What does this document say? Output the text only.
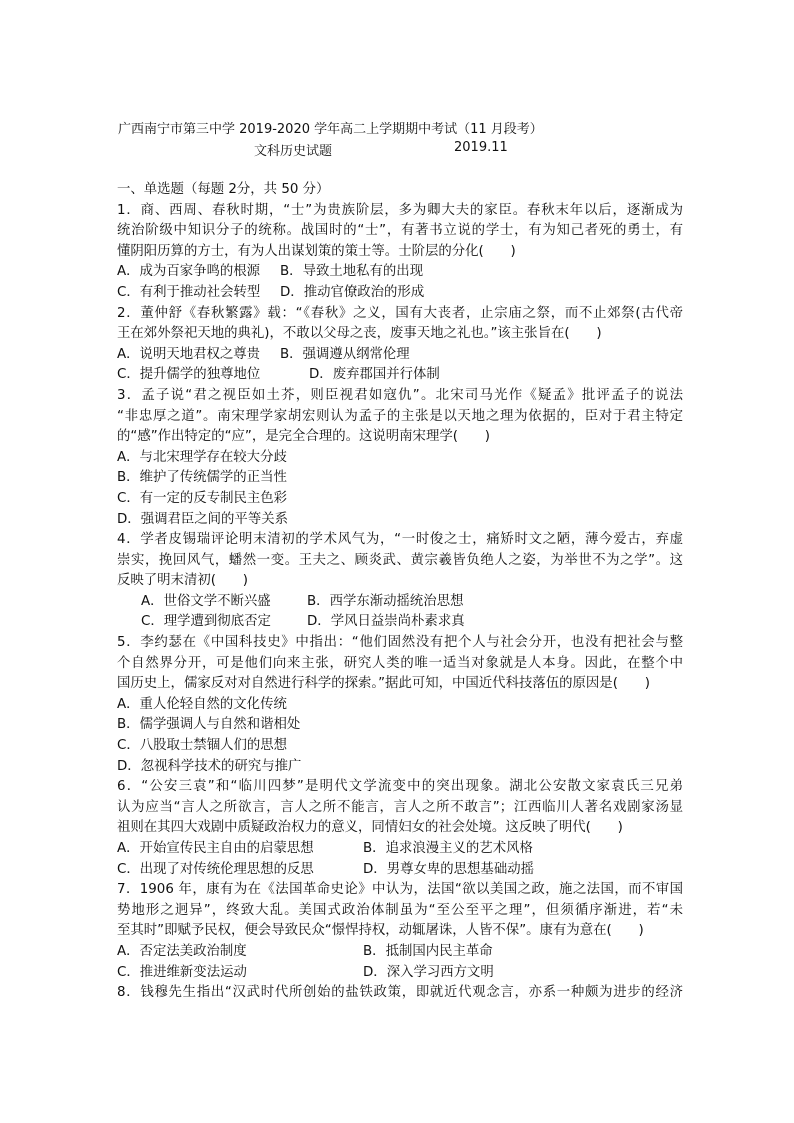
广西南宁市第三中学 2019-2020 学年高二上学期期中考试（11 月段考）
文科历史试题	2019.11
一、单选题（每题 2分，共 50 分）
1．商、西周、春秋时期，“士”为贵族阶层，多为卿大夫的家臣。春秋末年以后，逐渐成为
统治阶级中知识分子的统称。战国时的“士”，有著书立说的学士，有为知己者死的勇士，有
懂阴阳历算的方士，有为人出谋划策的策士等。士阶层的分化(　　)
A．成为百家争鸣的根源 B．导致土地私有的出现
C．有利于推动社会转型 D．推动官僚政治的形成
2．董仲舒《春秋繁露》载：“《春秋》之义，国有大丧者，止宗庙之祭，而不止郊祭(古代帝
王在郊外祭祀天地的典礼)，不敢以父母之丧，废事天地之礼也。”该主张旨在(　　)
A．说明天地君权之尊贵 B．强调遵从纲常伦理
C．提升儒学的独尊地位	D．废弃郡国并行体制
3．孟子说“君之视臣如土芥，则臣视君如寇仇”。北宋司马光作《疑孟》批评孟子的说法
“非忠厚之道”。南宋理学家胡宏则认为孟子的主张是以天地之理为依据的，臣对于君主特定
的“感”作出特定的“应”，是完全合理的。这说明南宋理学(　　)
A．与北宋理学存在较大分歧
B．维护了传统儒学的正当性
C．有一定的反专制民主色彩
D．强调君臣之间的平等关系
4．学者皮锡瑞评论明末清初的学术风气为，“一时俊之士，痛矫时文之陋，薄今爱古，弃虚
崇实，挽回风气，蟠然一变。王夫之、顾炎武、黄宗羲皆负绝人之姿，为举世不为之学”。这
反映了明末清初(　　)
A．世俗文学不断兴盛	B．西学东渐动摇统治思想
C．理学遭到彻底否定	D．学风日益崇尚朴素求真
5．李约瑟在《中国科技史》中指出：“他们固然没有把个人与社会分开，也没有把社会与整
个自然界分开，可是他们向来主张，研究人类的唯一适当对象就是人本身。因此，在整个中
国历史上，儒家反对对自然进行科学的探索。”据此可知，中国近代科技落伍的原因是(　　)
A．重人伦轻自然的文化传统
B．儒学强调人与自然和谐相处
C．八股取士禁锢人们的思想
D．忽视科学技术的研究与推广
6．“公安三袁”和“临川四梦”是明代文学流变中的突出现象。湖北公安散文家袁氏三兄弟
认为应当“言人之所欲言，言人之所不能言，言人之所不敢言”；江西临川人著名戏剧家汤显
祖则在其四大戏剧中质疑政治权力的意义，同情妇女的社会处境。这反映了明代(　　)
A．开始宣传民主自由的启蒙思想	B．追求浪漫主义的艺术风格
C．出现了对传统伦理思想的反思	D．男尊女卑的思想基础动摇
7．1906 年，康有为在《法国革命史论》中认为，法国“欲以美国之政，施之法国，而不审国
势地形之迥异”，终致大乱。美国式政治体制虽为“至公至平之理”，但须循序渐进，若“未
至其时”即赋予民权，便会导致民众“憬悍持权，动辄屠诛，人皆不保”。康有为意在(　　)
A．否定法美政治制度	B．抵制国内民主革命
C．推进维新变法运动	D．深入学习西方文明
8．钱穆先生指出“汉武时代所创始的盐铁政策，即就近代观念言，亦系一种颇为进步的经济
